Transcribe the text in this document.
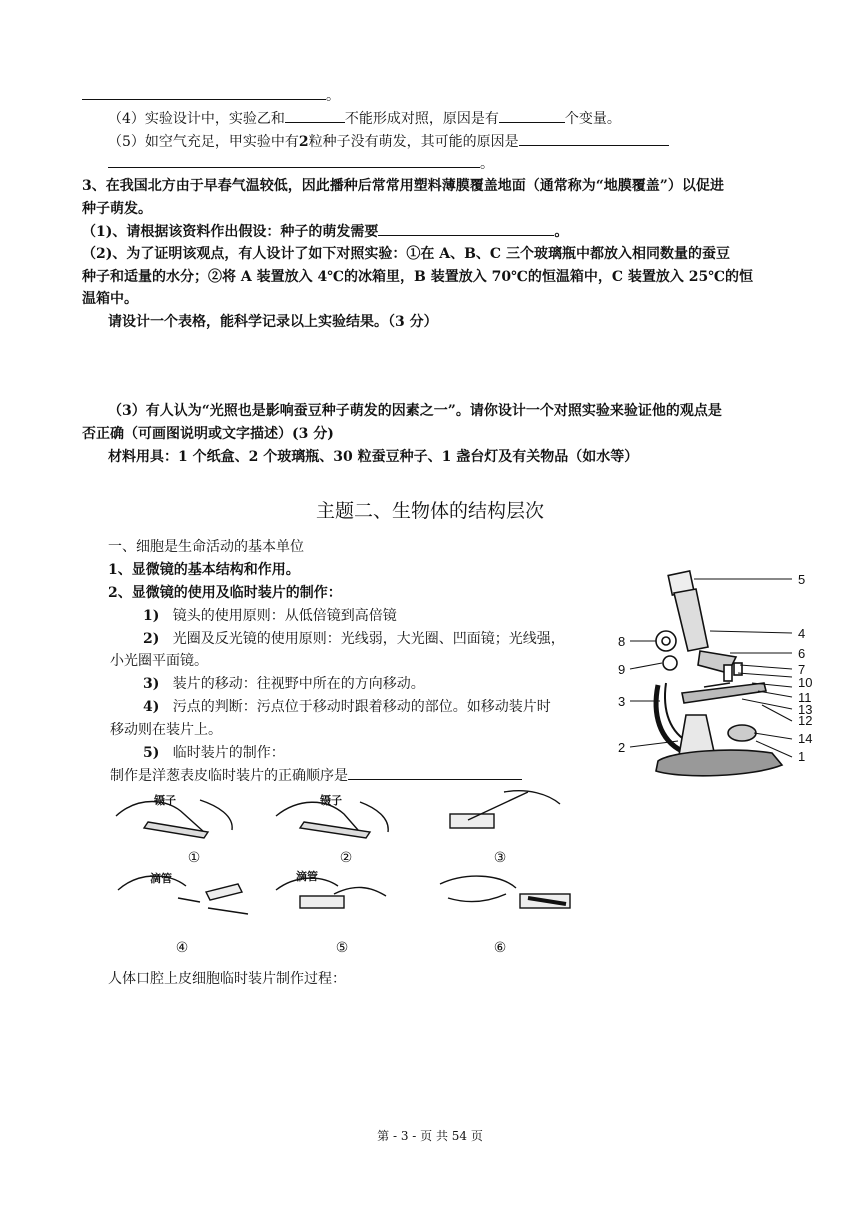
。
（4）实验设计中，实验乙和	不能形成对照，原因是有	个变量。
（5）如空气充足，甲实验中有2粒种子没有萌发，其可能的原因是
。
3、在我国北方由于早春气温较低，因此播种后常常用塑料薄膜覆盖地面（通常称为“地膜覆盖”）以促进
种子萌发。
（1)、请根据该资料作出假设：种子的萌发需要	。
（2)、为了证明该观点，有人设计了如下对照实验：①在 A、B、C 三个玻璃瓶中都放入相同数量的蚕豆
种子和适量的水分；②将 A 装置放入 4℃的冰箱里，B 装置放入 70℃的恒温箱中，C 装置放入 25℃的恒
温箱中。
请设计一个表格，能科学记录以上实验结果。（3 分）
（3）有人认为“光照也是影响蚕豆种子萌发的因素之一”。请你设计一个对照实验来验证他的观点是
否正确（可画图说明或文字描述）(3 分)
材料用具：1 个纸盒、2 个玻璃瓶、30 粒蚕豆种子、1 盏台灯及有关物品（如水等）
主题二、生物体的结构层次
一、细胞是生命活动的基本单位
1、显微镜的基本结构和作用。
2、显微镜的使用及临时装片的制作：
1) 镜头的使用原则：从低倍镜到高倍镜
2) 光圈及反光镜的使用原则：光线弱，大光圈、凹面镜；光线强，
小光圈平面镜。
3) 装片的移动：往视野中所在的方向移动。
4) 污点的判断：污点位于移动时跟着移动的部位。如移动装片时
移动则在装片上。
5) 临时装片的制作：
制作是洋葱表皮临时装片的正确顺序是
5
4
6
7
10
11
13
12
14
1
8
9
3
2
镊子	镊子
滴管	滴管
①	②	③
④	⑤	⑥
人体口腔上皮细胞临时装片制作过程：
第 - 3 - 页 共 54 页
